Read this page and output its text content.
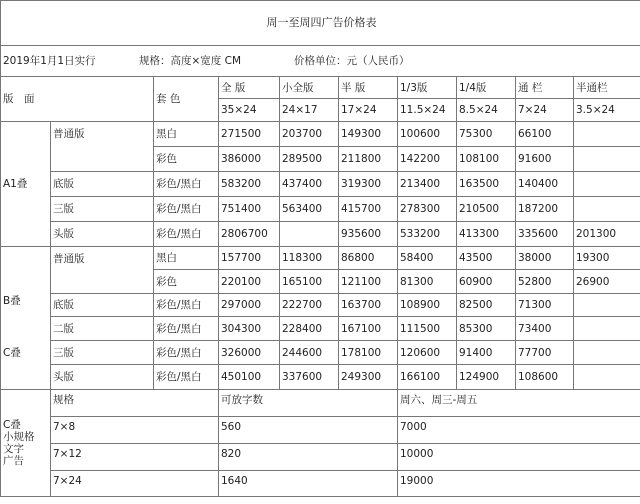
周一至周四广告价格表									
2019年1月1日实行 规格：高度×宽度 CM 价格单位：元（人民币）									
版　面		套 色	全 版	小全版	半 版	1/3版	1/4版	通 栏	半通栏
			35×24	24×17	17×24	11.5×24	8.5×24	7×24	3.5×24
A1叠	普通版	黑白	271500	203700	149300	100600	75300	66100	
		彩色	386000	289500	211800	142200	108100	91600	
	底版	彩色/黑白	583200	437400	319300	213400	163500	140400	
	三版	彩色/黑白	751400	563400	415700	278300	210500	187200	
	头版	彩色/黑白	2806700		935600	533200	413300	335600	201300

B叠
C叠	普通版	黑白	157700	118300	86800	58400	43500	38000	19300
		彩色	220100	165100	121100	81300	60900	52800	26900
	底版	彩色/黑白	297000	222700	163700	108900	82500	71300	
	二版	彩色/黑白	304300	228400	167100	111500	85300	73400	
	三版	彩色/黑白	326000	244600	178100	120600	91400	77700	
	头版	彩色/黑白	450100	337600	249300	166100	124900	108600	

C叠
小规格
文字
广告	规格		可放字数			周六、周三-周五			
	7×8		560			7000			
	7×12		820			10000			
	7×24		1640			19000			
